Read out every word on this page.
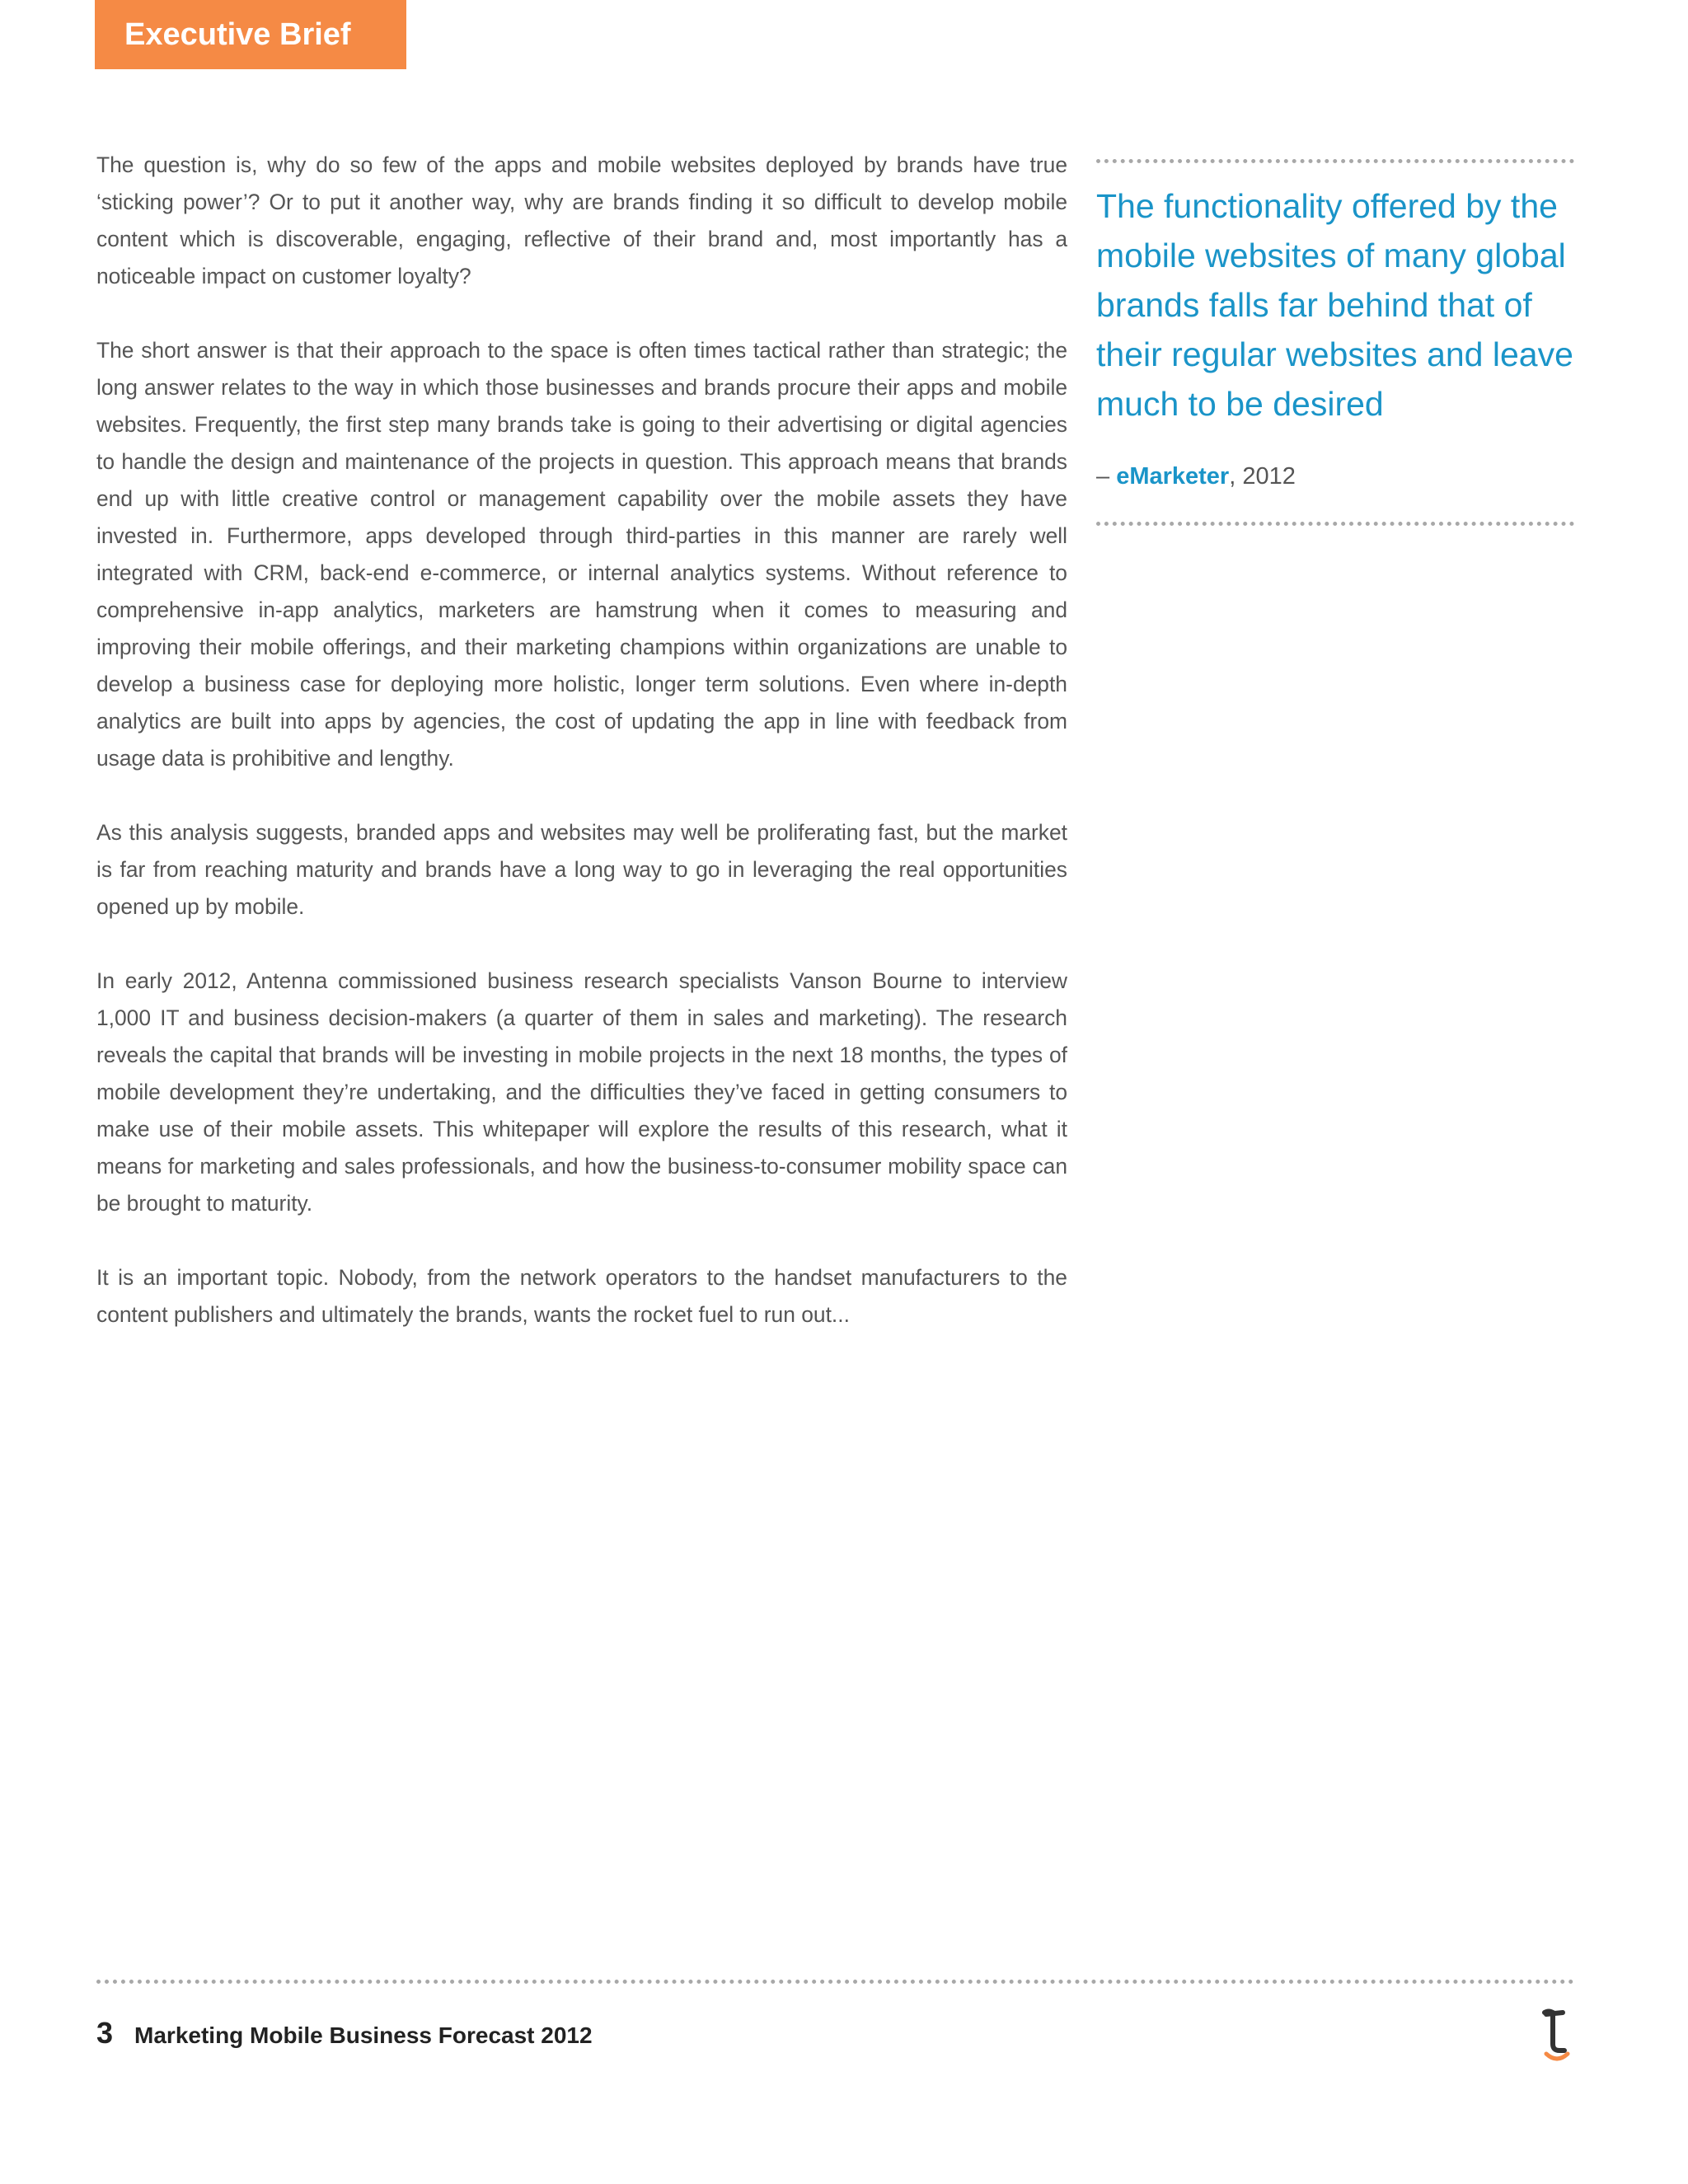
Executive Brief

The question is, why do so few of the apps and mobile websites deployed by brands have true ‘sticking power’? Or to put it another way, why are brands finding it so difficult to develop mobile content which is discoverable, engaging, reflective of their brand and, most importantly has a noticeable impact on customer loyalty?

The short answer is that their approach to the space is often times tactical rather than strategic; the long answer relates to the way in which those businesses and brands procure their apps and mobile websites. Frequently, the first step many brands take is going to their advertising or digital agencies to handle the design and maintenance of the projects in question. This approach means that brands end up with little creative control or management capability over the mobile assets they have invested in. Furthermore, apps developed through third-parties in this manner are rarely well integrated with CRM, back-end e-commerce, or internal analytics systems. Without reference to comprehensive in-app analytics, marketers are hamstrung when it comes to measuring and improving their mobile offerings, and their marketing champions within organizations are unable to develop a business case for deploying more holistic, longer term solutions. Even where in-depth analytics are built into apps by agencies, the cost of updating the app in line with feedback from usage data is prohibitive and lengthy.

As this analysis suggests, branded apps and websites may well be proliferating fast, but the market is far from reaching maturity and brands have a long way to go in leveraging the real opportunities opened up by mobile.

In early 2012, Antenna commissioned business research specialists Vanson Bourne to interview 1,000 IT and business decision-makers (a quarter of them in sales and marketing). The research reveals the capital that brands will be investing in mobile projects in the next 18 months, the types of mobile development they’re undertaking, and the difficulties they’ve faced in getting consumers to make use of their mobile assets. This whitepaper will explore the results of this research, what it means for marketing and sales professionals, and how the business-to-consumer mobility space can be brought to maturity.

It is an important topic. Nobody, from the network operators to the handset manufacturers to the content publishers and ultimately the brands, wants the rocket fuel to run out...

The functionality offered by the mobile websites of many global brands falls far behind that of their regular websites and leave much to be desired
– eMarketer, 2012
3 Marketing Mobile Business Forecast 2012
